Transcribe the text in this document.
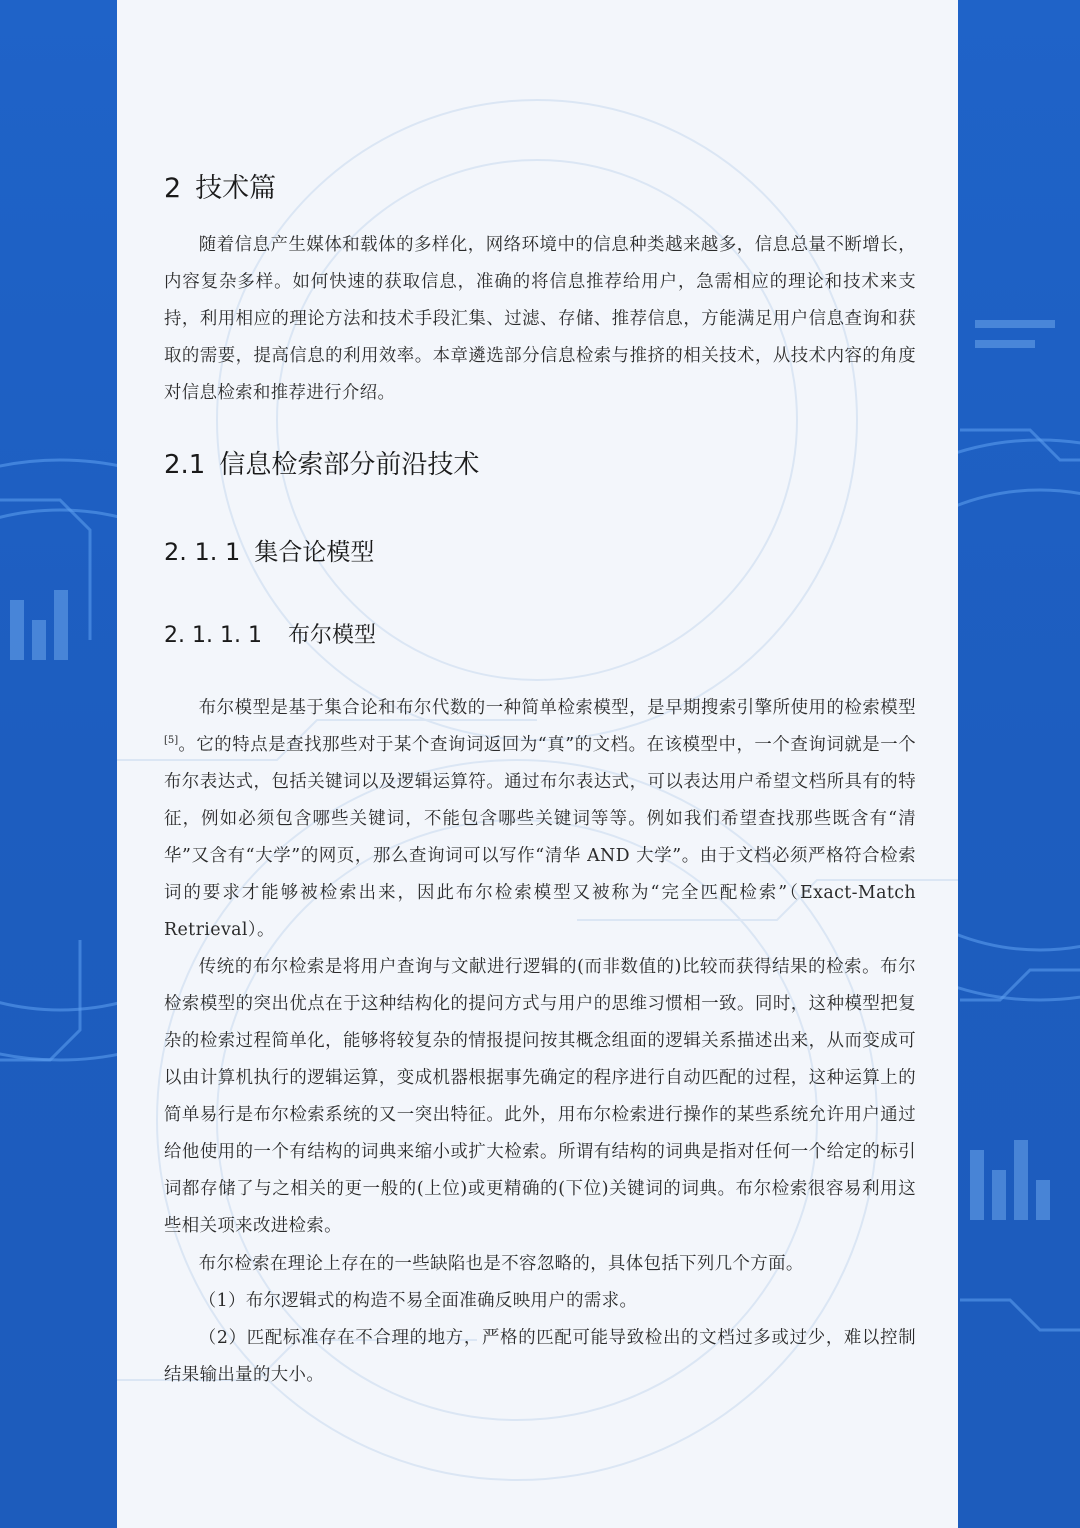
2 技术篇

随着信息产生媒体和载体的多样化，网络环境中的信息种类越来越多，信息总量不断增长，内容复杂多样。如何快速的获取信息，准确的将信息推荐给用户，急需相应的理论和技术来支持，利用相应的理论方法和技术手段汇集、过滤、存储、推荐信息，方能满足用户信息查询和获取的需要，提高信息的利用效率。本章遴选部分信息检索与推挤的相关技术，从技术内容的角度对信息检索和推荐进行介绍。

2.1 信息检索部分前沿技术
2. 1. 1 集合论模型
2. 1. 1. 1 布尔模型

布尔模型是基于集合论和布尔代数的一种简单检索模型，是早期搜索引擎所使用的检索模型[5]。它的特点是查找那些对于某个查询词返回为“真”的文档。在该模型中，一个查询词就是一个布尔表达式，包括关键词以及逻辑运算符。通过布尔表达式，可以表达用户希望文档所具有的特征，例如必须包含哪些关键词，不能包含哪些关键词等等。例如我们希望查找那些既含有“清华”又含有“大学”的网页，那么查询词可以写作“清华 AND 大学”。由于文档必须严格符合检索词的要求才能够被检索出来，因此布尔检索模型又被称为“完全匹配检索”（Exact-Match Retrieval）。

传统的布尔检索是将用户查询与文献进行逻辑的(而非数值的)比较而获得结果的检索。布尔检索模型的突出优点在于这种结构化的提问方式与用户的思维习惯相一致。同时，这种模型把复杂的检索过程简单化，能够将较复杂的情报提问按其概念组面的逻辑关系描述出来，从而变成可以由计算机执行的逻辑运算，变成机器根据事先确定的程序进行自动匹配的过程，这种运算上的简单易行是布尔检索系统的又一突出特征。此外，用布尔检索进行操作的某些系统允许用户通过给他使用的一个有结构的词典来缩小或扩大检索。所谓有结构的词典是指对任何一个给定的标引词都存储了与之相关的更一般的(上位)或更精确的(下位)关键词的词典。布尔检索很容易利用这些相关项来改进检索。

布尔检索在理论上存在的一些缺陷也是不容忽略的，具体包括下列几个方面。

（1）布尔逻辑式的构造不易全面准确反映用户的需求。

（2）匹配标准存在不合理的地方，严格的匹配可能导致检出的文档过多或过少，难以控制结果输出量的大小。
